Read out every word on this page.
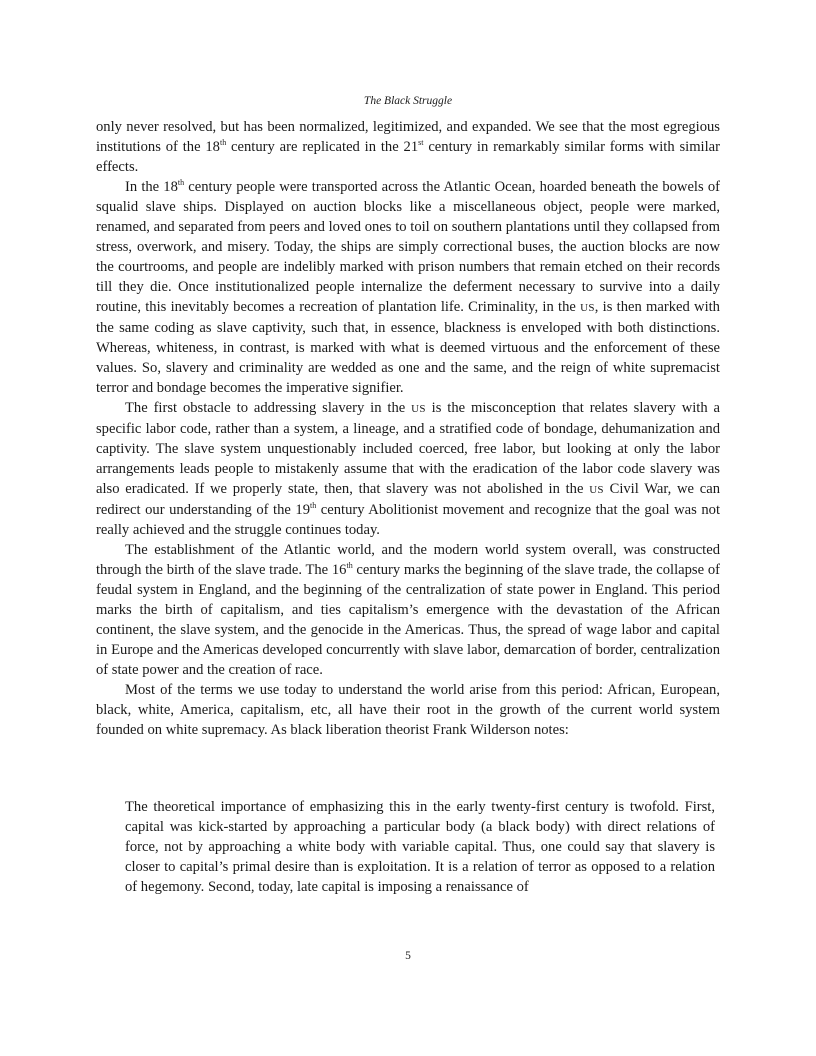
The Black Struggle

only never resolved, but has been normalized, legitimized, and expanded. We see that the most egregious institutions of the 18th century are replicated in the 21st century in remarkably similar forms with similar effects.

In the 18th century people were transported across the Atlantic Ocean, hoarded beneath the bowels of squalid slave ships. Displayed on auction blocks like a miscellaneous object, people were marked, renamed, and separated from peers and loved ones to toil on southern plantations until they collapsed from stress, overwork, and misery. Today, the ships are simply correctional buses, the auction blocks are now the courtrooms, and people are indelibly marked with prison numbers that remain etched on their records till they die. Once institutionalized people internalize the deferment necessary to survive into a daily routine, this inevitably becomes a recreation of plantation life. Criminality, in the US, is then marked with the same coding as slave captivity, such that, in essence, blackness is enveloped with both distinctions. Whereas, whiteness, in contrast, is marked with what is deemed virtuous and the enforcement of these values. So, slavery and criminality are wedded as one and the same, and the reign of white supremacist terror and bondage becomes the imperative signifier.

The first obstacle to addressing slavery in the US is the misconception that relates slavery with a specific labor code, rather than a system, a lineage, and a stratified code of bondage, dehumanization and captivity. The slave system unquestionably included coerced, free labor, but looking at only the labor arrangements leads people to mistakenly assume that with the eradication of the labor code slavery was also eradicated. If we properly state, then, that slavery was not abolished in the US Civil War, we can redirect our understanding of the 19th century Abolitionist movement and recognize that the goal was not really achieved and the struggle continues today.

The establishment of the Atlantic world, and the modern world system overall, was constructed through the birth of the slave trade. The 16th century marks the beginning of the slave trade, the collapse of feudal system in England, and the beginning of the centralization of state power in England. This period marks the birth of capitalism, and ties capitalism’s emergence with the devastation of the African continent, the slave system, and the genocide in the Americas. Thus, the spread of wage labor and capital in Europe and the Americas developed concurrently with slave labor, demarcation of border, centralization of state power and the creation of race.

Most of the terms we use today to understand the world arise from this period: African, European, black, white, America, capitalism, etc, all have their root in the growth of the current world system founded on white supremacy. As black liberation theorist Frank Wilderson notes:

The theoretical importance of emphasizing this in the early twenty-first century is twofold. First, capital was kick-started by approaching a particular body (a black body) with direct relations of force, not by approaching a white body with variable capital. Thus, one could say that slavery is closer to capital’s primal desire than is exploitation. It is a relation of terror as opposed to a relation of hegemony. Second, today, late capital is imposing a renaissance of

5
